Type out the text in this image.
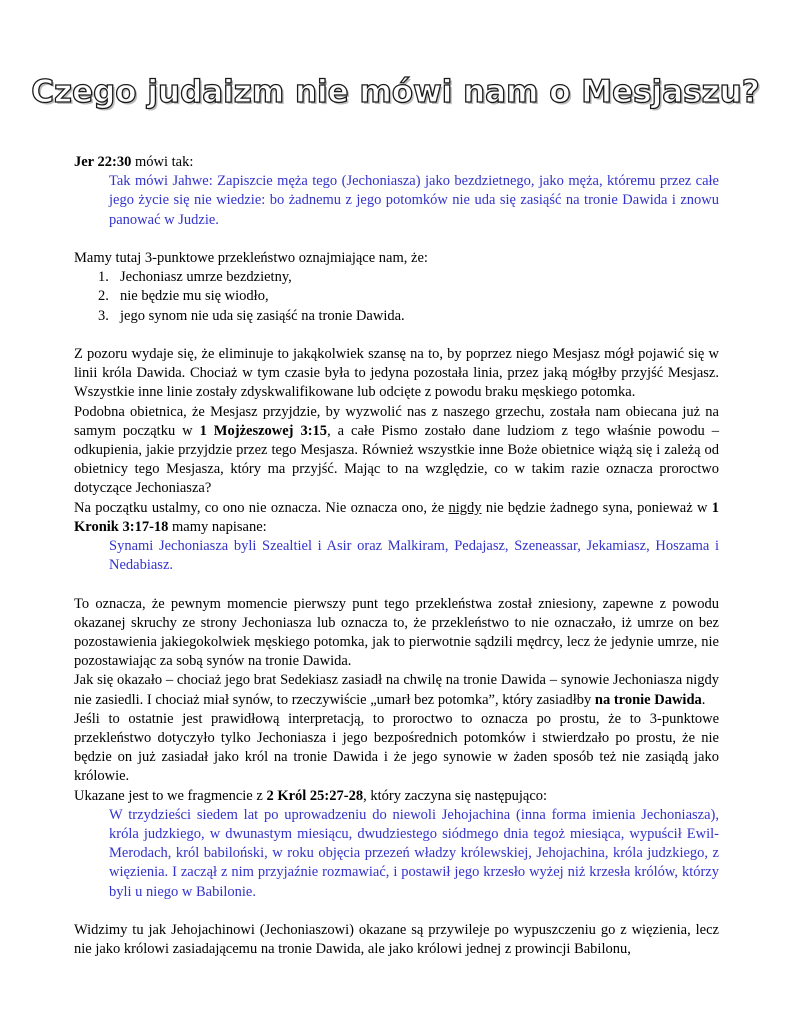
Czego judaizm nie mówi nam o Mesjaszu?

Jer 22:30 mówi tak:

Tak mówi Jahwe: Zapiszcie męża tego (Jechoniasza) jako bezdzietnego, jako męża, któremu przez całe jego życie się nie wiedzie: bo żadnemu z jego potomków nie uda się zasiąść na tronie Dawida i znowu panować w Judzie.

Mamy tutaj 3-punktowe przekleństwo oznajmiające nam, że:

1. Jechoniasz umrze bezdzietny,
2. nie będzie mu się wiodło,
3. jego synom nie uda się zasiąść na tronie Dawida.

Z pozoru wydaje się, że eliminuje to jakąkolwiek szansę na to, by poprzez niego Mesjasz mógł pojawić się w linii króla Dawida. Chociaż w tym czasie była to jedyna pozostała linia, przez jaką mógłby przyjść Mesjasz. Wszystkie inne linie zostały zdyskwalifikowane lub odcięte z powodu braku męskiego potomka.

Podobna obietnica, że Mesjasz przyjdzie, by wyzwolić nas z naszego grzechu, została nam obiecana już na samym początku w 1 Mojżeszowej 3:15, a całe Pismo zostało dane ludziom z tego właśnie powodu – odkupienia, jakie przyjdzie przez tego Mesjasza. Również wszystkie inne Boże obietnice wiążą się i zależą od obietnicy tego Mesjasza, który ma przyjść. Mając to na względzie, co w takim razie oznacza proroctwo dotyczące Jechoniasza?

Na początku ustalmy, co ono nie oznacza. Nie oznacza ono, że nigdy nie będzie żadnego syna, ponieważ w 1 Kronik 3:17-18 mamy napisane:

Synami Jechoniasza byli Szealtiel i Asir oraz Malkiram, Pedajasz, Szeneassar, Jekamiasz, Hoszama i Nedabiasz.

To oznacza, że pewnym momencie pierwszy punt tego przekleństwa został zniesiony, zapewne z powodu okazanej skruchy ze strony Jechoniasza lub oznacza to, że przekleństwo to nie oznaczało, iż umrze on bez pozostawienia jakiegokolwiek męskiego potomka, jak to pierwotnie sądzili mędrcy, lecz że jedynie umrze, nie pozostawiając za sobą synów na tronie Dawida.

Jak się okazało – chociaż jego brat Sedekiasz zasiadł na chwilę na tronie Dawida – synowie Jechoniasza nigdy nie zasiedli. I chociaż miał synów, to rzeczywiście „umarł bez potomka”, który zasiadłby na tronie Dawida.

Jeśli to ostatnie jest prawidłową interpretacją, to proroctwo to oznacza po prostu, że to 3-punktowe przekleństwo dotyczyło tylko Jechoniasza i jego bezpośrednich potomków i stwierdzało po prostu, że nie będzie on już zasiadał jako król na tronie Dawida i że jego synowie w żaden sposób też nie zasiądą jako królowie.

Ukazane jest to we fragmencie z 2 Król 25:27-28, który zaczyna się następująco:

W trzydzieści siedem lat po uprowadzeniu do niewoli Jehojachina (inna forma imienia Jechoniasza), króla judzkiego, w dwunastym miesiącu, dwudziestego siódmego dnia tegoż miesiąca, wypuścił Ewil-Merodach, król babiloński, w roku objęcia przezeń władzy królewskiej, Jehojachina, króla judzkiego, z więzienia. I zaczął z nim przyjaźnie rozmawiać, i postawił jego krzesło wyżej niż krzesła królów, którzy byli u niego w Babilonie.

Widzimy tu jak Jehojachinowi (Jechoniaszowi) okazane są przywileje po wypuszczeniu go z więzienia, lecz nie jako królowi zasiadającemu na tronie Dawida, ale jako królowi jednej z prowincji Babilonu,
